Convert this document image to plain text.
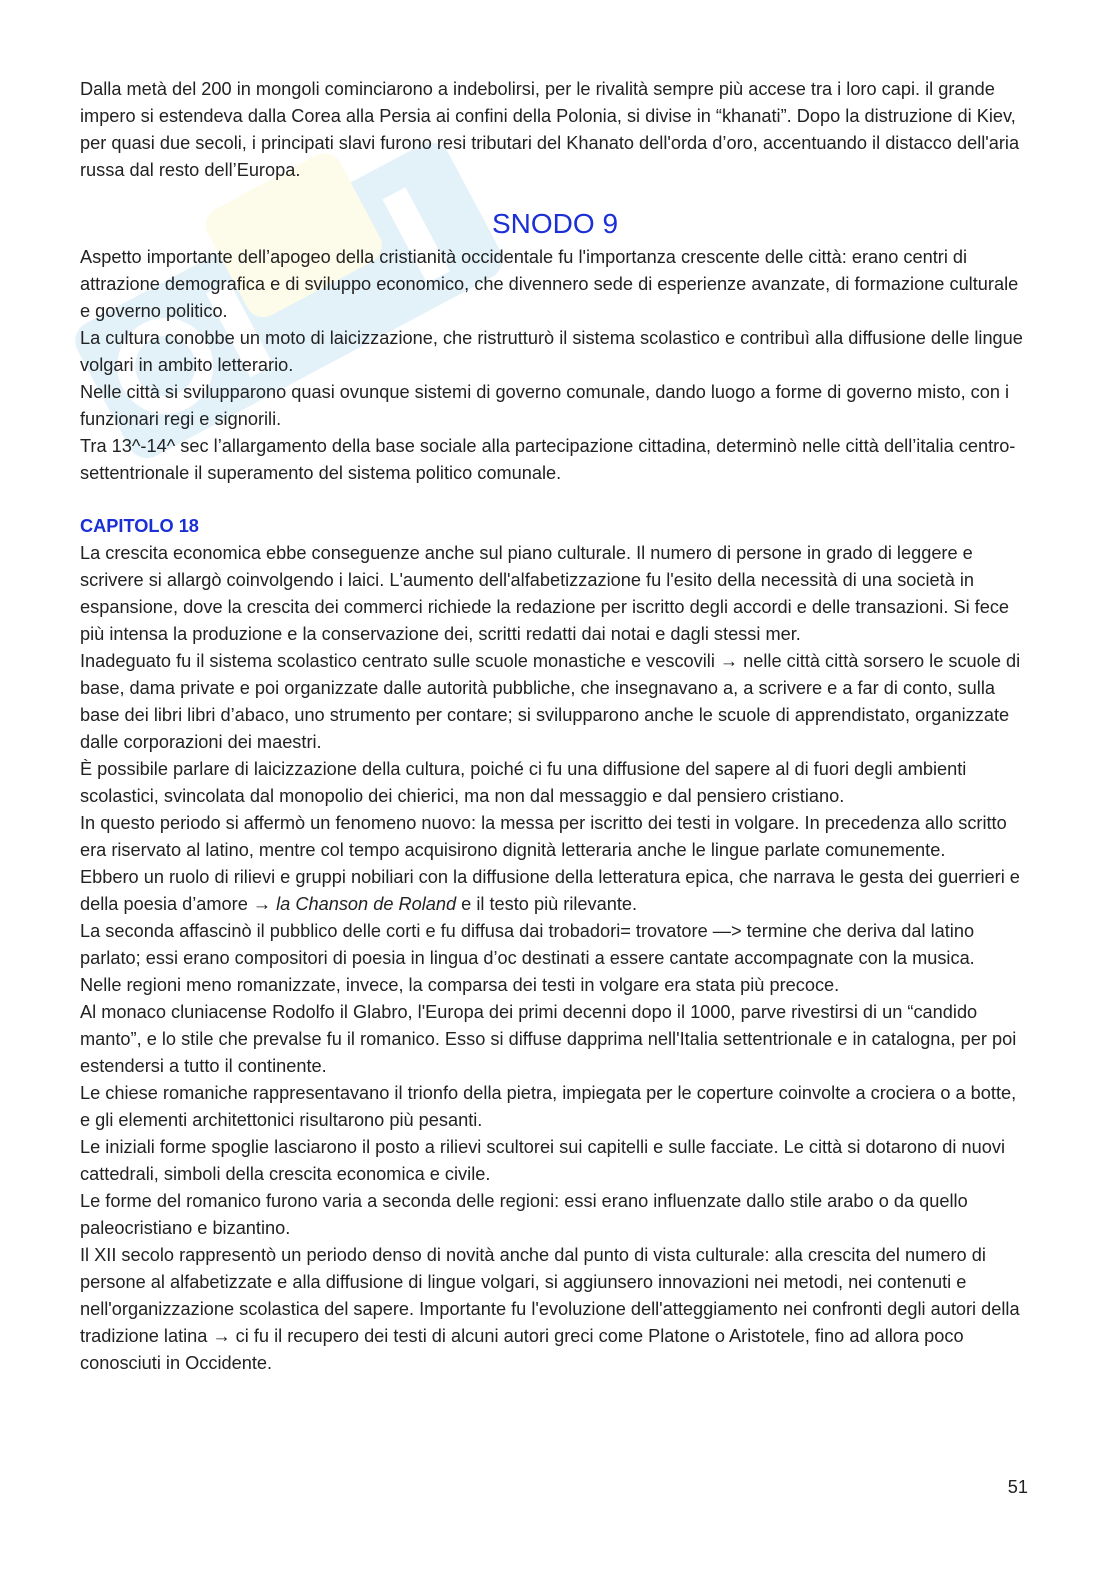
Dalla metà del 200 in mongoli cominciarono a indebolirsi, per le rivalità sempre più accese tra i loro capi. il grande impero si estendeva dalla Corea alla Persia ai confini della Polonia, si divise in “khanati”. Dopo la distruzione di Kiev, per quasi due secoli, i principati slavi furono resi tributari del Khanato dell'orda d’oro, accentuando il distacco dell'aria russa dal resto dell’Europa.

SNODO 9

Aspetto importante dell’apogeo della cristianità occidentale fu l'importanza crescente delle città: erano centri di attrazione demografica e di sviluppo economico, che divennero sede di esperienze avanzate, di formazione culturale e governo politico.

La cultura conobbe un moto di laicizzazione, che ristrutturò il sistema scolastico e contribuì alla diffusione delle lingue volgari in ambito letterario.

Nelle città si svilupparono quasi ovunque sistemi di governo comunale, dando luogo a forme di governo misto, con i funzionari regi e signorili.

Tra 13^-14^ sec l’allargamento della base sociale alla partecipazione cittadina, determinò nelle città dell’italia centro-settentrionale il superamento del sistema politico comunale.

CAPITOLO 18

La crescita economica ebbe conseguenze anche sul piano culturale. Il numero di persone in grado di leggere e scrivere si allargò coinvolgendo i laici. L'aumento dell'alfabetizzazione fu l'esito della necessità di una società in espansione, dove la crescita dei commerci richiede la redazione per iscritto degli accordi e delle transazioni. Si fece più intensa la produzione e la conservazione dei, scritti redatti dai notai e dagli stessi mer.

Inadeguato fu il sistema scolastico centrato sulle scuole monastiche e vescovili → nelle città città sorsero le scuole di base, dama private e poi organizzate dalle autorità pubbliche, che insegnavano a, a scrivere e a far di conto, sulla base dei libri libri d’abaco, uno strumento per contare; si svilupparono anche le scuole di apprendistato, organizzate dalle corporazioni dei maestri.

È possibile parlare di laicizzazione della cultura, poiché ci fu una diffusione del sapere al di fuori degli ambienti scolastici, svincolata dal monopolio dei chierici, ma non dal messaggio e dal pensiero cristiano.

In questo periodo si affermò un fenomeno nuovo: la messa per iscritto dei testi in volgare. In precedenza allo scritto era riservato al latino, mentre col tempo acquisirono dignità letteraria anche le lingue parlate comunemente.

Ebbero un ruolo di rilievi e gruppi nobiliari con la diffusione della letteratura epica, che narrava le gesta dei guerrieri e della poesia d’amore → la Chanson de Roland e il testo più rilevante.

La seconda affascinò il pubblico delle corti e fu diffusa dai trobadori= trovatore —> termine che deriva dal latino parlato; essi erano compositori di poesia in lingua d’oc destinati a essere cantate accompagnate con la musica.

Nelle regioni meno romanizzate, invece, la comparsa dei testi in volgare era stata più precoce.

Al monaco cluniacense Rodolfo il Glabro, l'Europa dei primi decenni dopo il 1000, parve rivestirsi di un “candido manto”, e lo stile che prevalse fu il romanico. Esso si diffuse dapprima nell'Italia settentrionale e in catalogna, per poi estendersi a tutto il continente.

Le chiese romaniche rappresentavano il trionfo della pietra, impiegata per le coperture coinvolte a crociera o a botte, e gli elementi architettonici risultarono più pesanti.

Le iniziali forme spoglie lasciarono il posto a rilievi scultorei sui capitelli e sulle facciate. Le città si dotarono di nuovi cattedrali, simboli della crescita economica e civile.

Le forme del romanico furono varia a seconda delle regioni: essi erano influenzate dallo stile arabo o da quello paleocristiano e bizantino.

Il XII secolo rappresentò un periodo denso di novità anche dal punto di vista culturale: alla crescita del numero di persone al alfabetizzate e alla diffusione di lingue volgari, si aggiunsero innovazioni nei metodi, nei contenuti e nell'organizzazione scolastica del sapere. Importante fu l'evoluzione dell'atteggiamento nei confronti degli autori della tradizione latina → ci fu il recupero dei testi di alcuni autori greci come Platone o Aristotele, fino ad allora poco conosciuti in Occidente.

51
